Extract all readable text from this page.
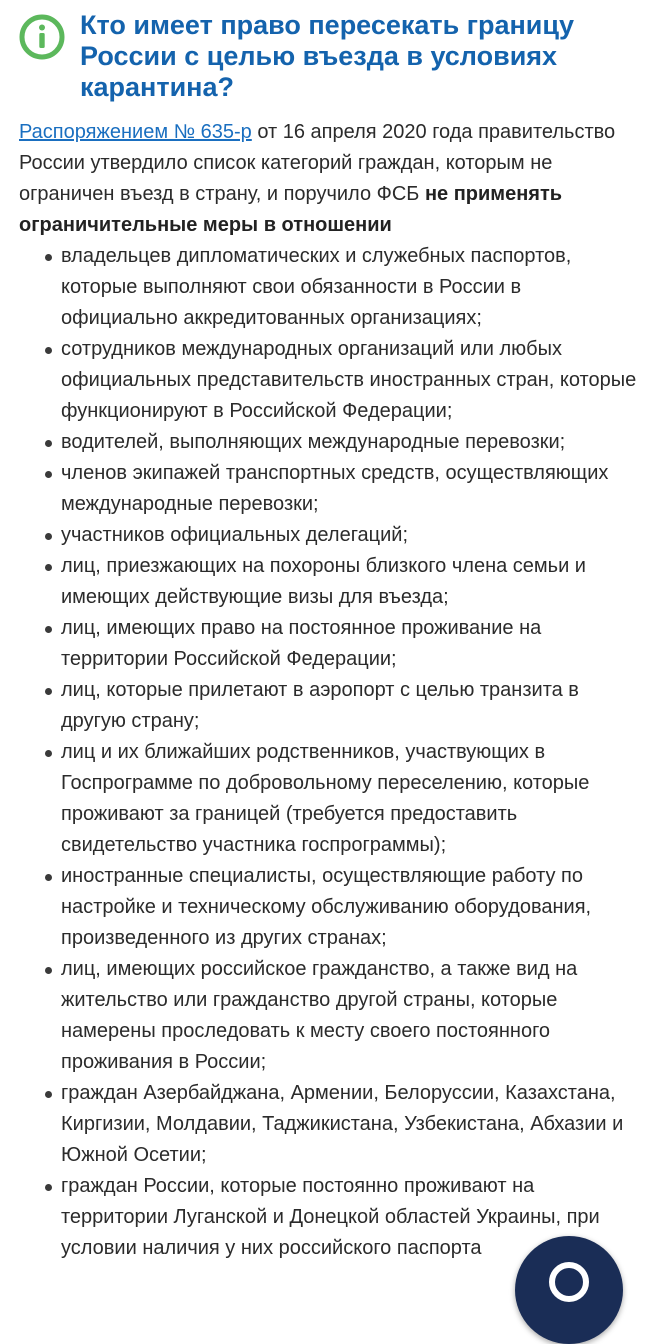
Кто имеет право пересекать границу России с целью въезда в условиях карантина?

Распоряжением № 635-р от 16 апреля 2020 года правительство России утвердило список категорий граждан, которым не ограничен въезд в страну, и поручило ФСБ не применять ограничительные меры в отношении

владельцев дипломатических и служебных паспортов, которые выполняют свои обязанности в России в официально аккредитованных организациях;
сотрудников международных организаций или любых официальных представительств иностранных стран, которые функционируют в Российской Федерации;
водителей, выполняющих международные перевозки;
членов экипажей транспортных средств, осуществляющих международные перевозки;
участников официальных делегаций;
лиц, приезжающих на похороны близкого члена семьи и имеющих действующие визы для въезда;
лиц, имеющих право на постоянное проживание на территории Российской Федерации;
лиц, которые прилетают в аэропорт с целью транзита в другую страну;
лиц и их ближайших родственников, участвующих в Госпрограмме по добровольному переселению, которые проживают за границей (требуется предоставить свидетельство участника госпрограммы);
иностранные специалисты, осуществляющие работу по настройке и техническому обслуживанию оборудования, произведенного из других странах;
лиц, имеющих российское гражданство, а также вид на жительство или гражданство другой страны, которые намерены проследовать к месту своего постоянного проживания в России;
граждан Азербайджана, Армении, Белоруссии, Казахстана, Киргизии, Молдавии, Таджикистана, Узбекистана, Абхазии и Южной Осетии;
граждан России, которые постоянно проживают на территории Луганской и Донецкой областей Украины, при условии наличия у них российского паспорта
